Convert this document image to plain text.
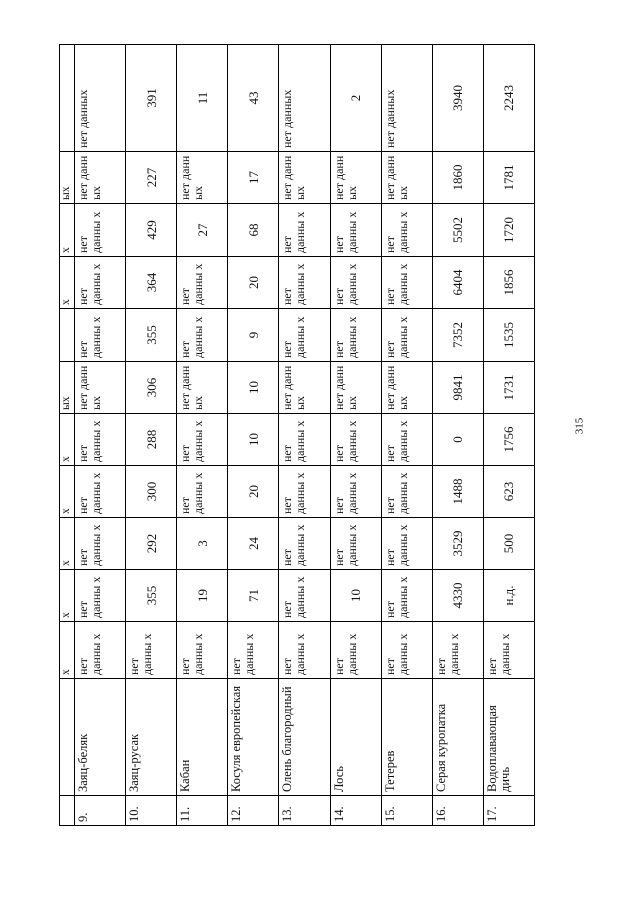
		х	х	х	х	х	ых		х	х	ых	
9.	Заяц-беляк	нет данны х	нет данны х	нет данны х	нет данны х	нет данны х	нет данн ых	нет данны х	нет данны х	нет данны х	нет данн ых	нет данных
10.	Заяц-русак	нет данны х	355	292	300	288	306	355	364	429	227	391
11.	Кабан	нет данны х	19	3	нет данны х	нет данны х	нет данн ых	нет данны х	нет данны х	27	нет данн ых	11
12.	Косуля европейская	нет данны х	71	24	20	10	10	9	20	68	17	43
13.	Олень благородный	нет данны х	нет данны х	нет данны х	нет данны х	нет данны х	нет данн ых	нет данны х	нет данны х	нет данны х	нет данн ых	нет данных
14.	Лось	нет данны х	10	нет данны х	нет данны х	нет данны х	нет данн ых	нет данны х	нет данны х	нет данны х	нет данн ых	2
15.	Тетерев	нет данны х	нет данны х	нет данны х	нет данны х	нет данны х	нет данн ых	нет данны х	нет данны х	нет данны х	нет данн ых	нет данных
16.	Серая куропатка	нет данны х	4330	3529	1488	0	9841	7352	6404	5502	1860	3940
17.	Водоплавающая дичь	нет данны х	н.д.	500	623	1756	1731	1535	1856	1720	1781	2243
315
